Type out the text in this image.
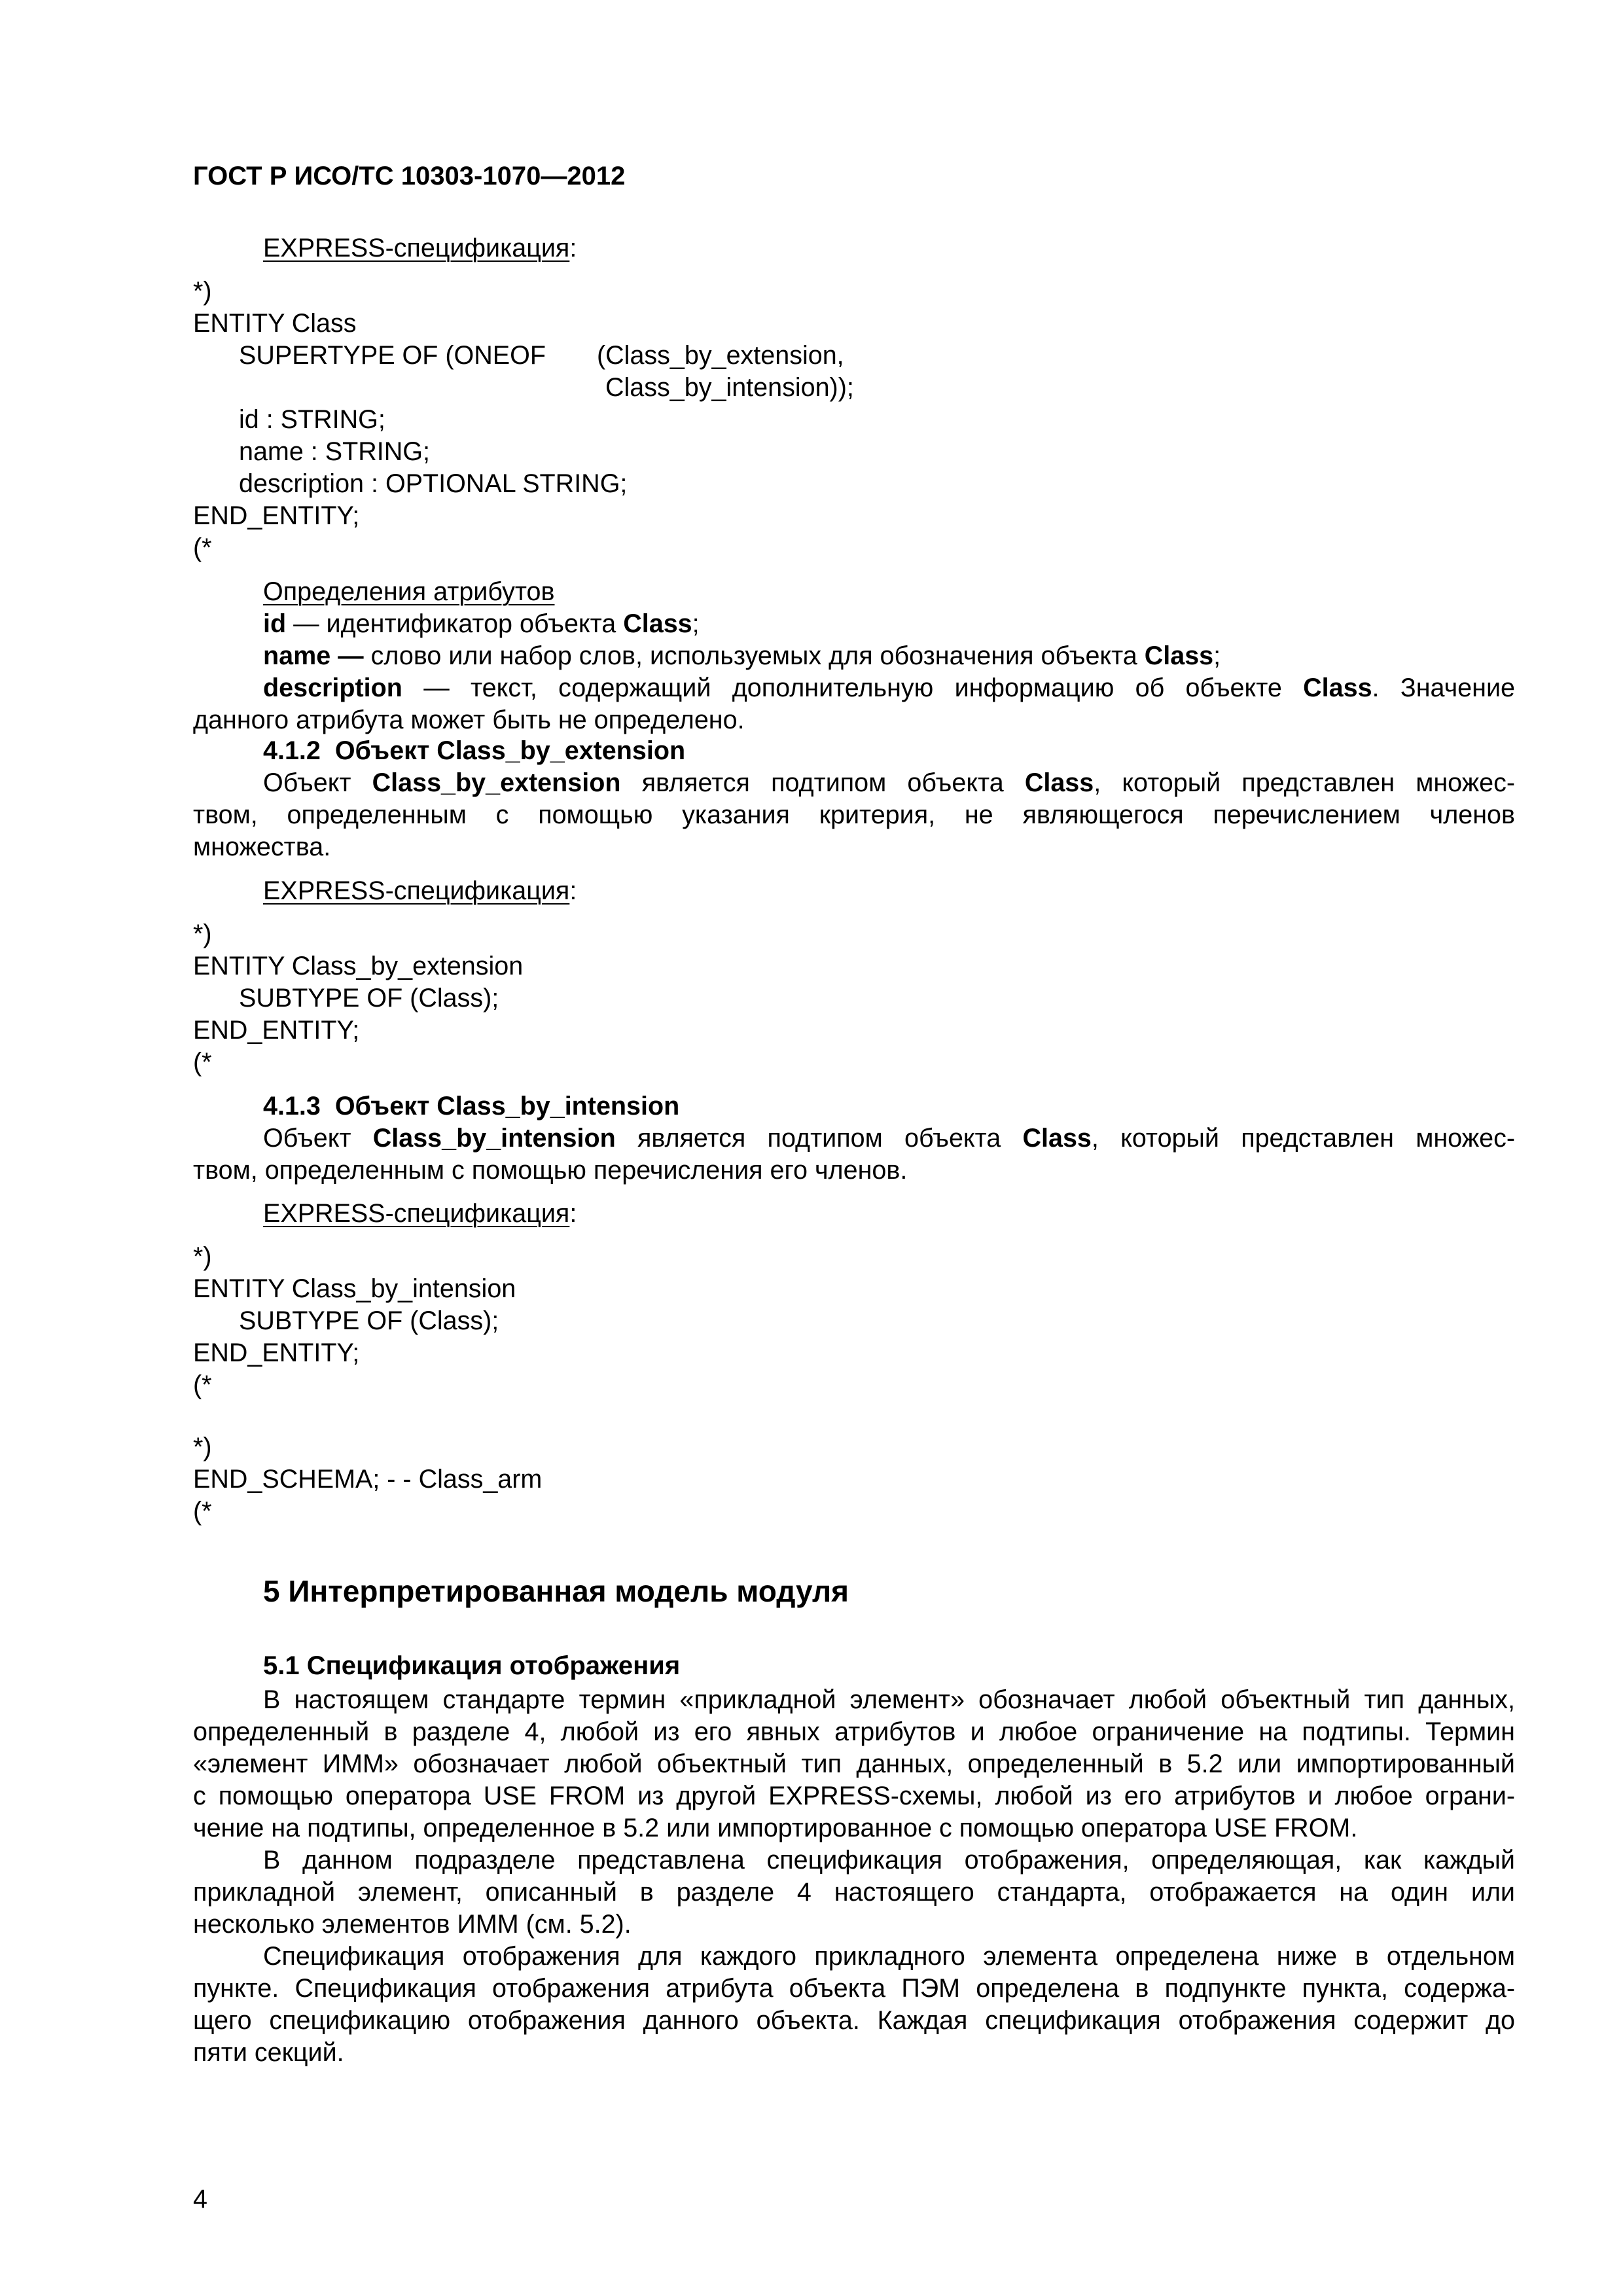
ГОСТ Р ИСО/ТС 10303-1070—2012
EXPRESS-спецификация:
*)
ENTITY Class
SUPERTYPE OF (ONEOF (Class_by_extension,
Class_by_intension));
id : STRING;
name : STRING;
description : OPTIONAL STRING;
END_ENTITY;
(*
Определения атрибутов
id — идентификатор объекта Class;
name — слово или набор слов, используемых для обозначения объекта Class;
description — текст, содержащий дополнительную информацию об объекте Class. Значение
данного атрибута может быть не определено.
4.1.2 Объект Class_by_extension
Объект Class_by_extension является подтипом объекта Class, который представлен множес-
твом, определенным с помощью указания критерия, не являющегося перечислением членов
множества.
EXPRESS-спецификация:
*)
ENTITY Class_by_extension
SUBTYPE OF (Class);
END_ENTITY;
(*
4.1.3 Объект Class_by_intension
Объект Class_by_intension является подтипом объекта Class, который представлен множес-
твом, определенным с помощью перечисления его членов.
EXPRESS-спецификация:
*)
ENTITY Class_by_intension
SUBTYPE OF (Class);
END_ENTITY;
(*
*)
END_SCHEMA; - - Class_arm
(*
5 Интерпретированная модель модуля
5.1 Спецификация отображения
В настоящем стандарте термин «прикладной элемент» обозначает любой объектный тип данных,
определенный в разделе 4, любой из его явных атрибутов и любое ограничение на подтипы. Термин
«элемент ИММ» обозначает любой объектный тип данных, определенный в 5.2 или импортированный
с помощью оператора USE FROM из другой EXPRESS-схемы, любой из его атрибутов и любое ограни-
чение на подтипы, определенное в 5.2 или импортированное с помощью оператора USE FROM.
В данном подразделе представлена спецификация отображения, определяющая, как каждый
прикладной элемент, описанный в разделе 4 настоящего стандарта, отображается на один или
несколько элементов ИММ (см. 5.2).
Спецификация отображения для каждого прикладного элемента определена ниже в отдельном
пункте. Спецификация отображения атрибута объекта ПЭМ определена в подпункте пункта, содержа-
щего спецификацию отображения данного объекта. Каждая спецификация отображения содержит до
пяти секций.
4
